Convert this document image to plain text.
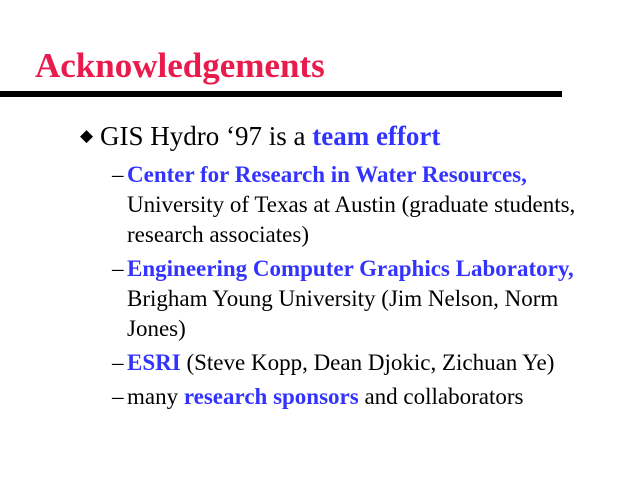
Acknowledgements
◆ GIS Hydro ‘97 is a team effort
– Center for Research in Water Resources, University of Texas at Austin (graduate students, research associates)
– Engineering Computer Graphics Laboratory, Brigham Young University (Jim Nelson, Norm Jones)
– ESRI (Steve Kopp, Dean Djokic, Zichuan Ye)
– many research sponsors and collaborators
